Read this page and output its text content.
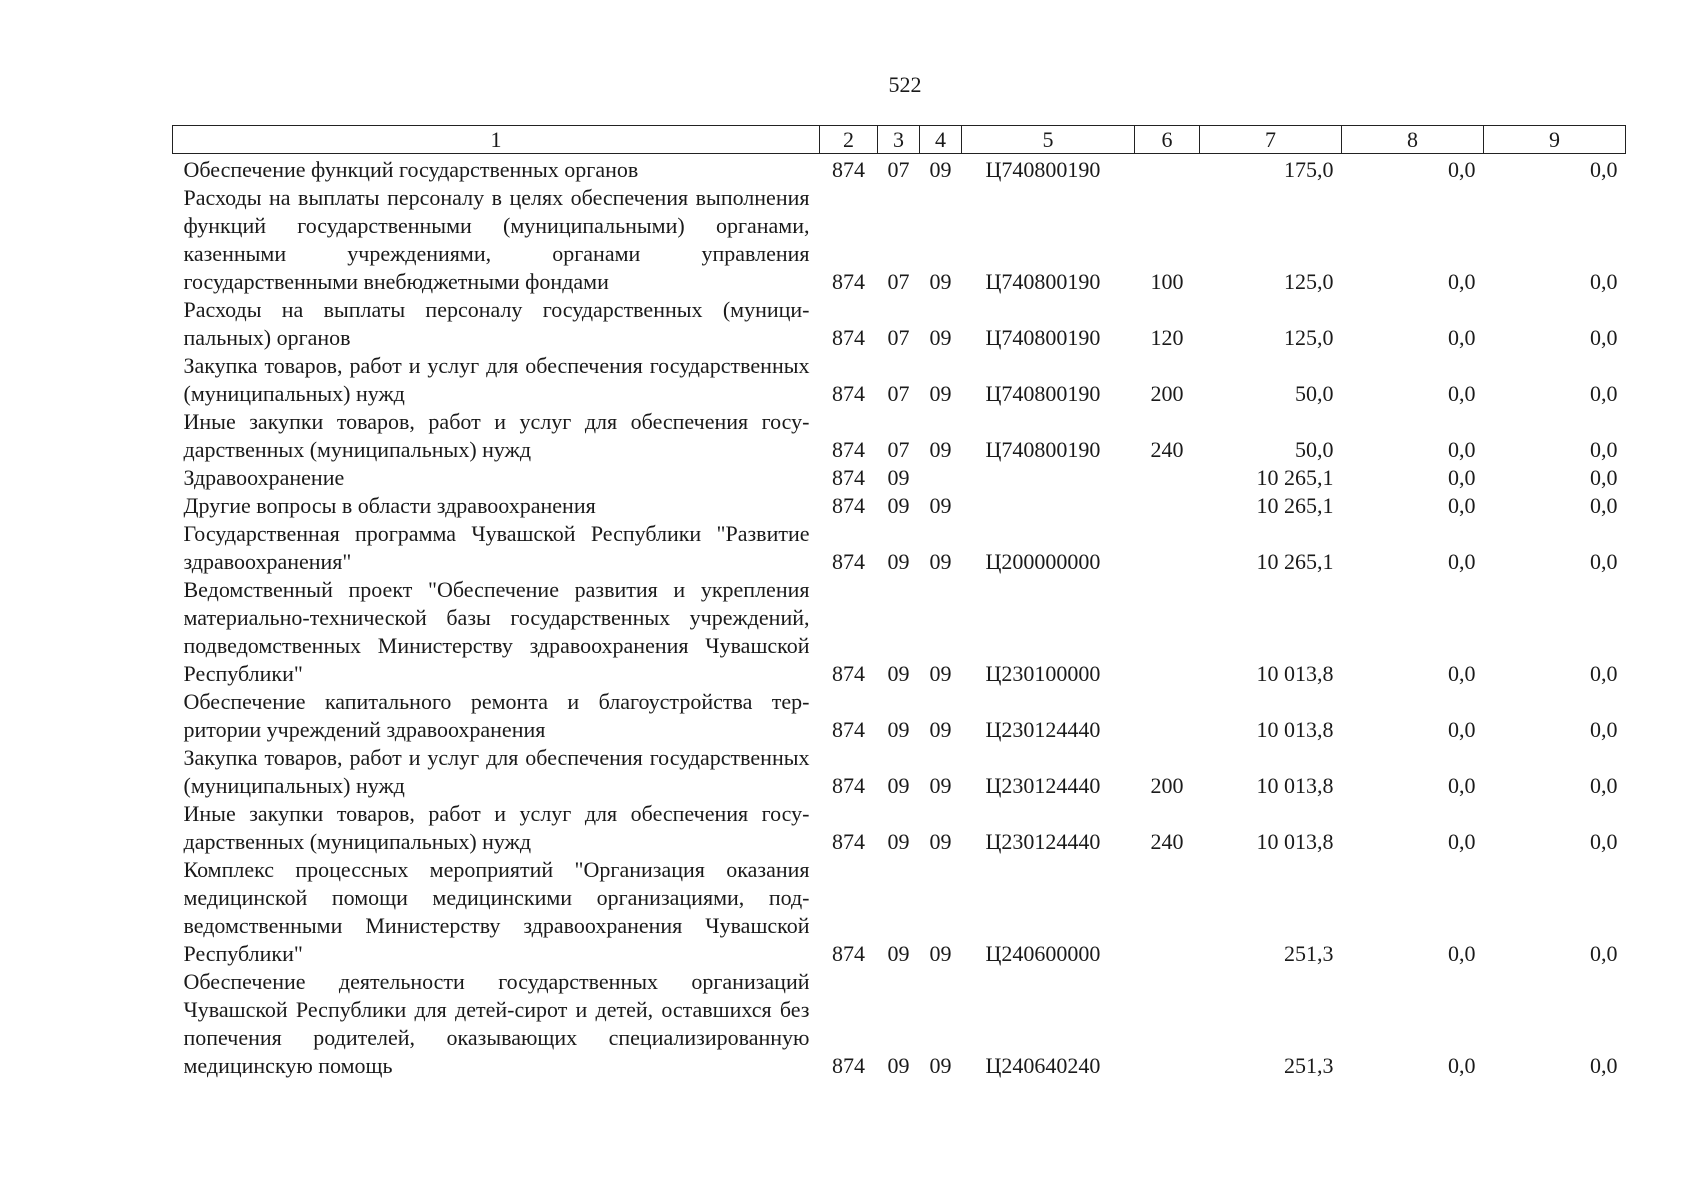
522
1	2	3	4	5	6	7	8	9

Обеспечение функций государственных органов	874	07	09	Ц740800190		175,0	0,0	0,0
Расходы на выплаты персоналу в целях обеспечения выполнения функций государственными (муниципальными) органами, казенными учреждениями, органами управления государственными внебюджетными фондами	874	07	09	Ц740800190	100	125,0	0,0	0,0
Расходы на выплаты персоналу государственных (муниципальных) органов	874	07	09	Ц740800190	120	125,0	0,0	0,0
Закупка товаров, работ и услуг для обеспечения государственных (муниципальных) нужд	874	07	09	Ц740800190	200	50,0	0,0	0,0
Иные закупки товаров, работ и услуг для обеспечения государственных (муниципальных) нужд	874	07	09	Ц740800190	240	50,0	0,0	0,0
Здравоохранение	874	09				10 265,1	0,0	0,0
Другие вопросы в области здравоохранения	874	09	09			10 265,1	0,0	0,0
Государственная программа Чувашской Республики "Развитие здравоохранения"	874	09	09	Ц200000000		10 265,1	0,0	0,0
Ведомственный проект "Обеспечение развития и укрепления материально-технической базы государственных учреждений, подведомственных Министерству здравоохранения Чувашской Республики"	874	09	09	Ц230100000		10 013,8	0,0	0,0
Обеспечение капитального ремонта и благоустройства территории учреждений здравоохранения	874	09	09	Ц230124440		10 013,8	0,0	0,0
Закупка товаров, работ и услуг для обеспечения государственных (муниципальных) нужд	874	09	09	Ц230124440	200	10 013,8	0,0	0,0
Иные закупки товаров, работ и услуг для обеспечения государственных (муниципальных) нужд	874	09	09	Ц230124440	240	10 013,8	0,0	0,0
Комплекс процессных мероприятий "Организация оказания медицинской помощи медицинскими организациями, подведомственными Министерству здравоохранения Чувашской Республики"	874	09	09	Ц240600000		251,3	0,0	0,0
Обеспечение деятельности государственных организаций Чувашской Республики для детей-сирот и детей, оставшихся без попечения родителей, оказывающих специализированную медицинскую помощь	874	09	09	Ц240640240		251,3	0,0	0,0
